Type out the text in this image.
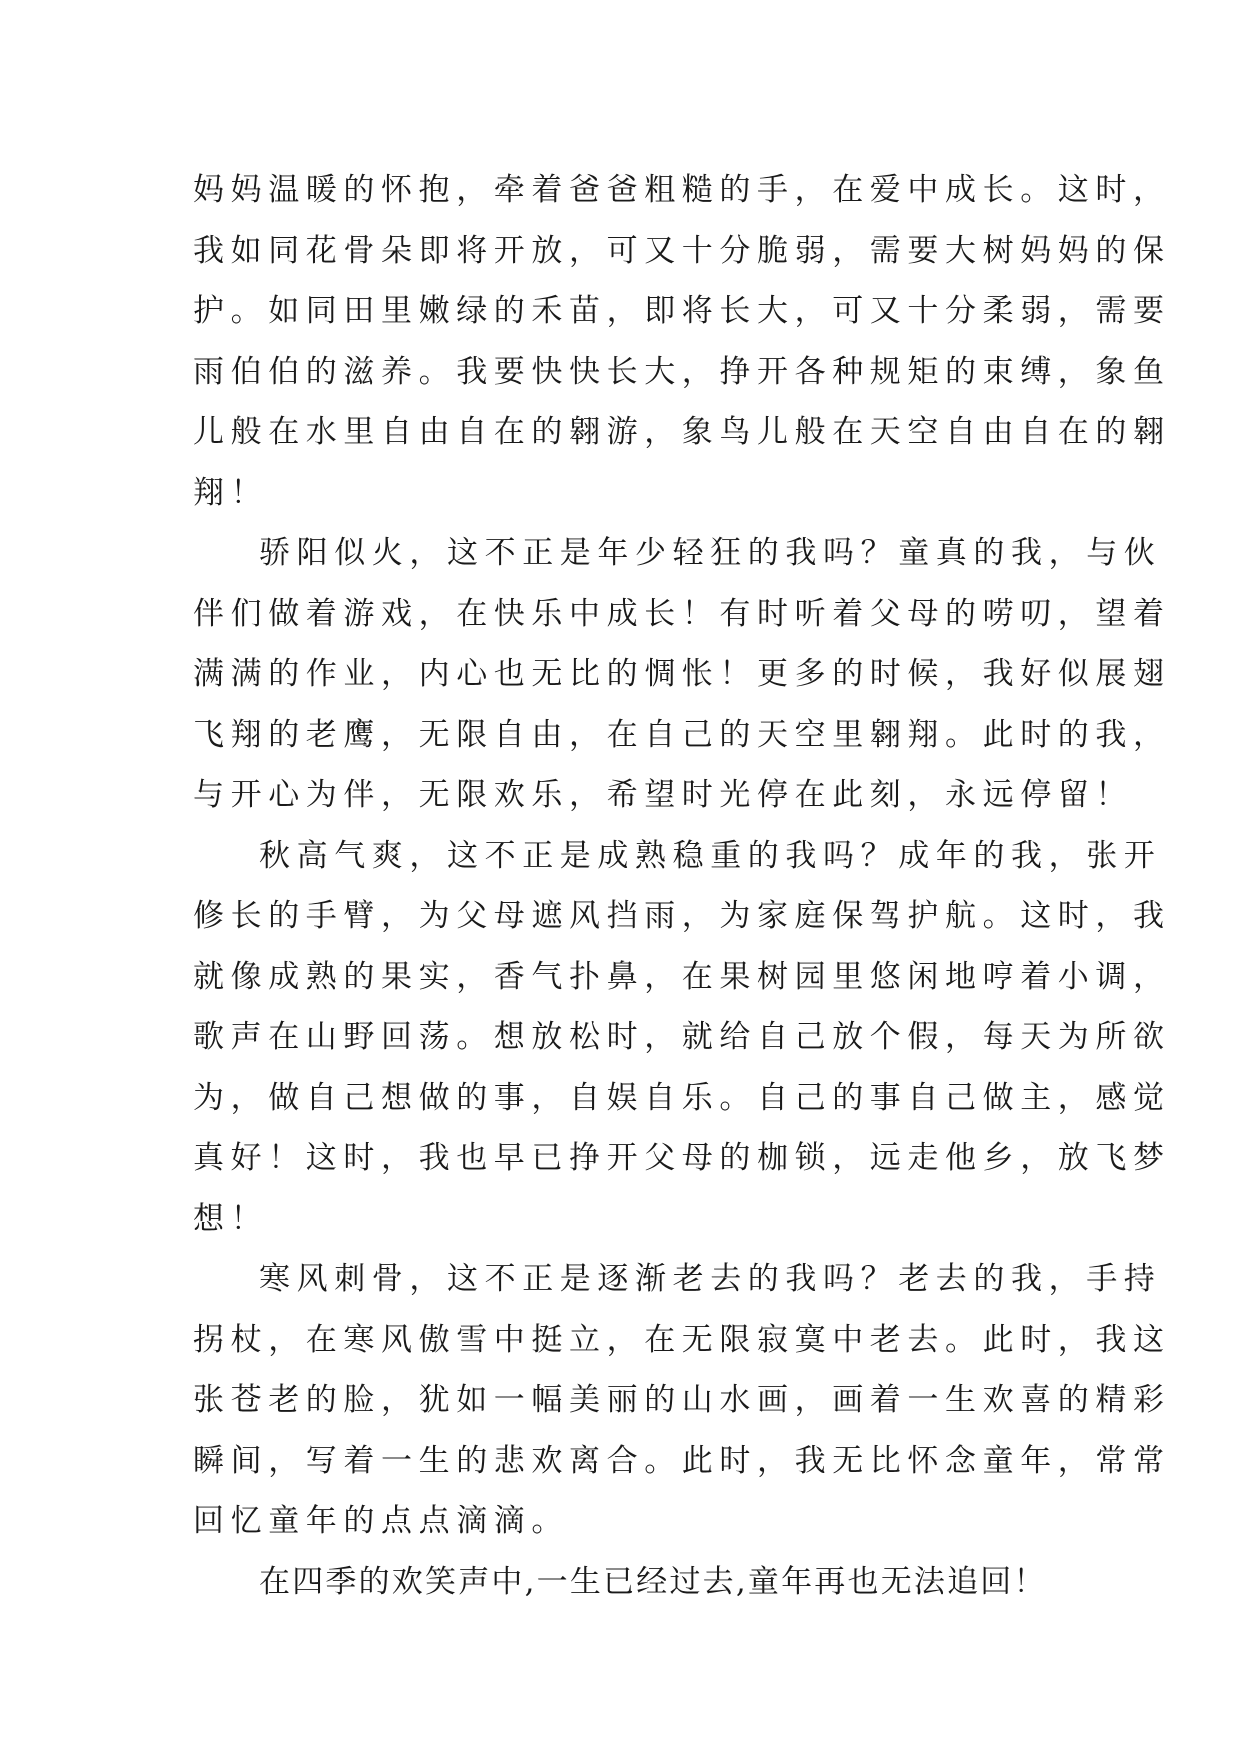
妈妈温暖的怀抱，牵着爸爸粗糙的手，在爱中成长。这时，
我如同花骨朵即将开放，可又十分脆弱，需要大树妈妈的保
护。如同田里嫩绿的禾苗，即将长大，可又十分柔弱，需要
雨伯伯的滋养。我要快快长大，挣开各种规矩的束缚，象鱼
儿般在水里自由自在的翱游，象鸟儿般在天空自由自在的翱
翔！
骄阳似火，这不正是年少轻狂的我吗？童真的我，与伙
伴们做着游戏，在快乐中成长！有时听着父母的唠叨，望着
满满的作业，内心也无比的惆怅！更多的时候，我好似展翅
飞翔的老鹰，无限自由，在自己的天空里翱翔。此时的我，
与开心为伴，无限欢乐，希望时光停在此刻，永远停留！
秋高气爽，这不正是成熟稳重的我吗？成年的我，张开
修长的手臂，为父母遮风挡雨，为家庭保驾护航。这时，我
就像成熟的果实，香气扑鼻，在果树园里悠闲地哼着小调，
歌声在山野回荡。想放松时，就给自己放个假，每天为所欲
为，做自己想做的事，自娱自乐。自己的事自己做主，感觉
真好！这时，我也早已挣开父母的枷锁，远走他乡，放飞梦
想！
寒风刺骨，这不正是逐渐老去的我吗？老去的我，手持
拐杖，在寒风傲雪中挺立，在无限寂寞中老去。此时，我这
张苍老的脸，犹如一幅美丽的山水画，画着一生欢喜的精彩
瞬间，写着一生的悲欢离合。此时，我无比怀念童年，常常
回忆童年的点点滴滴。
在四季的欢笑声中,一生已经过去,童年再也无法追回！
